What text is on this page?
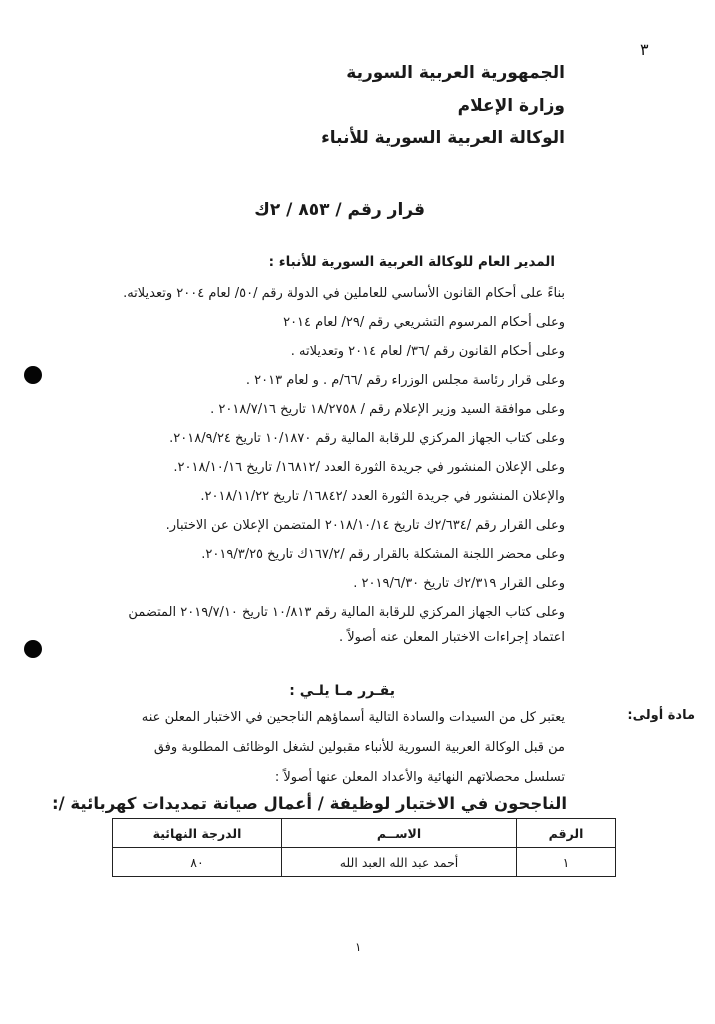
٣
الجمهورية العربية السورية
وزارة الإعلام
الوكالة العربية السورية للأنباء
قرار رقم / ٨٥٣ / ٢ك
المدير العام للوكالة العربية السورية للأنباء :
بناءً على أحكام القانون الأساسي للعاملين في الدولة رقم /٥٠/ لعام ٢٠٠٤ وتعديلاته.
وعلى أحكام المرسوم التشريعي رقم /٢٩/ لعام ٢٠١٤
وعلى أحكام القانون رقم /٣٦/ لعام ٢٠١٤ وتعديلاته .
وعلى قرار رئاسة مجلس الوزراء رقم /٦٦/م . و لعام ٢٠١٣ .
وعلى موافقة السيد وزير الإعلام رقم / ١٨/٢٧٥٨ تاريخ ٢٠١٨/٧/١٦ .
وعلى كتاب الجهاز المركزي للرقابة المالية رقم ١٠/١٨٧٠ تاريخ ٢٠١٨/٩/٢٤.
وعلى الإعلان المنشور في جريدة الثورة العدد /١٦٨١٢/ تاريخ ٢٠١٨/١٠/١٦.
والإعلان المنشور في جريدة الثورة العدد /١٦٨٤٢/ تاريخ ٢٠١٨/١١/٢٢.
وعلى القرار رقم /٢/٦٣٤ك تاريخ ٢٠١٨/١٠/١٤ المتضمن الإعلان عن الاختبار.
وعلى محضر اللجنة المشكلة بالقرار رقم /١٦٧/٢ك تاريخ ٢٠١٩/٣/٢٥.
وعلى القرار ٢/٣١٩ك تاريخ ٢٠١٩/٦/٣٠ .
وعلى كتاب الجهاز المركزي للرقابة المالية رقم ١٠/٨١٣ تاريخ ٢٠١٩/٧/١٠ المتضمن
اعتماد إجراءات الاختبار المعلن عنه أصولاً .
يقـرر مـا يلـي :
مادة أولى:
يعتبر كل من السيدات والسادة التالية أسماؤهم الناجحين في الاختبار المعلن عنه
من قبل الوكالة العربية السورية للأنباء مقبولين لشغل الوظائف المطلوبة وفق
تسلسل محصلاتهم النهائية والأعداد المعلن عنها أصولاً :
الناجحون في الاختبار لوظيفة / أعمال صيانة تمديدات كهربائية /:
الرقم	الاســم	الدرجة النهائية
١	أحمد عبد الله العبد الله	٨٠
١
